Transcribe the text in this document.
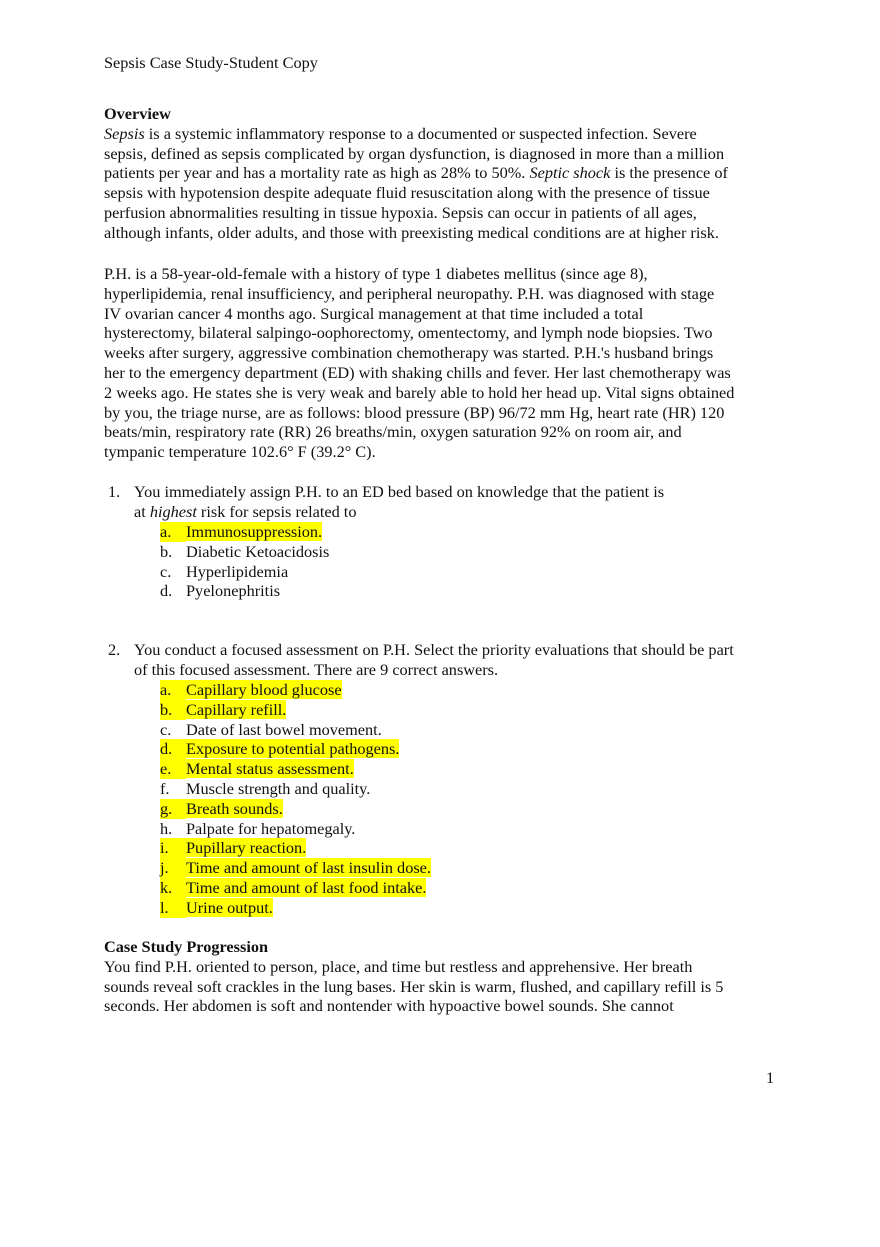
Sepsis Case Study-Student Copy
Overview
Sepsis is a systemic inflammatory response to a documented or suspected infection. Severe
sepsis, defined as sepsis complicated by organ dysfunction, is diagnosed in more than a million
patients per year and has a mortality rate as high as 28% to 50%. Septic shock is the presence of
sepsis with hypotension despite adequate fluid resuscitation along with the presence of tissue
perfusion abnormalities resulting in tissue hypoxia. Sepsis can occur in patients of all ages,
although infants, older adults, and those with preexisting medical conditions are at higher risk.
P.H. is a 58-year-old-female with a history of type 1 diabetes mellitus (since age 8),
hyperlipidemia, renal insufficiency, and peripheral neuropathy. P.H. was diagnosed with stage
IV ovarian cancer 4 months ago. Surgical management at that time included a total
hysterectomy, bilateral salpingo-oophorectomy, omentectomy, and lymph node biopsies. Two
weeks after surgery, aggressive combination chemotherapy was started. P.H.'s husband brings
her to the emergency department (ED) with shaking chills and fever. Her last chemotherapy was
2 weeks ago. He states she is very weak and barely able to hold her head up. Vital signs obtained
by you, the triage nurse, are as follows: blood pressure (BP) 96/72 mm Hg, heart rate (HR) 120
beats/min, respiratory rate (RR) 26 breaths/min, oxygen saturation 92% on room air, and
tympanic temperature 102.6° F (39.2° C).
1. You immediately assign P.H. to an ED bed based on knowledge that the patient is
at highest risk for sepsis related to
a. Immunosuppression.
b. Diabetic Ketoacidosis
c. Hyperlipidemia
d. Pyelonephritis
2. You conduct a focused assessment on P.H. Select the priority evaluations that should be part
of this focused assessment. There are 9 correct answers.
a. Capillary blood glucose
b. Capillary refill.
c. Date of last bowel movement.
d. Exposure to potential pathogens.
e. Mental status assessment.
f. Muscle strength and quality.
g. Breath sounds.
h. Palpate for hepatomegaly.
i. Pupillary reaction.
j. Time and amount of last insulin dose.
k. Time and amount of last food intake.
l. Urine output.
Case Study Progression
You find P.H. oriented to person, place, and time but restless and apprehensive. Her breath
sounds reveal soft crackles in the lung bases. Her skin is warm, flushed, and capillary refill is 5
seconds. Her abdomen is soft and nontender with hypoactive bowel sounds. She cannot
1
